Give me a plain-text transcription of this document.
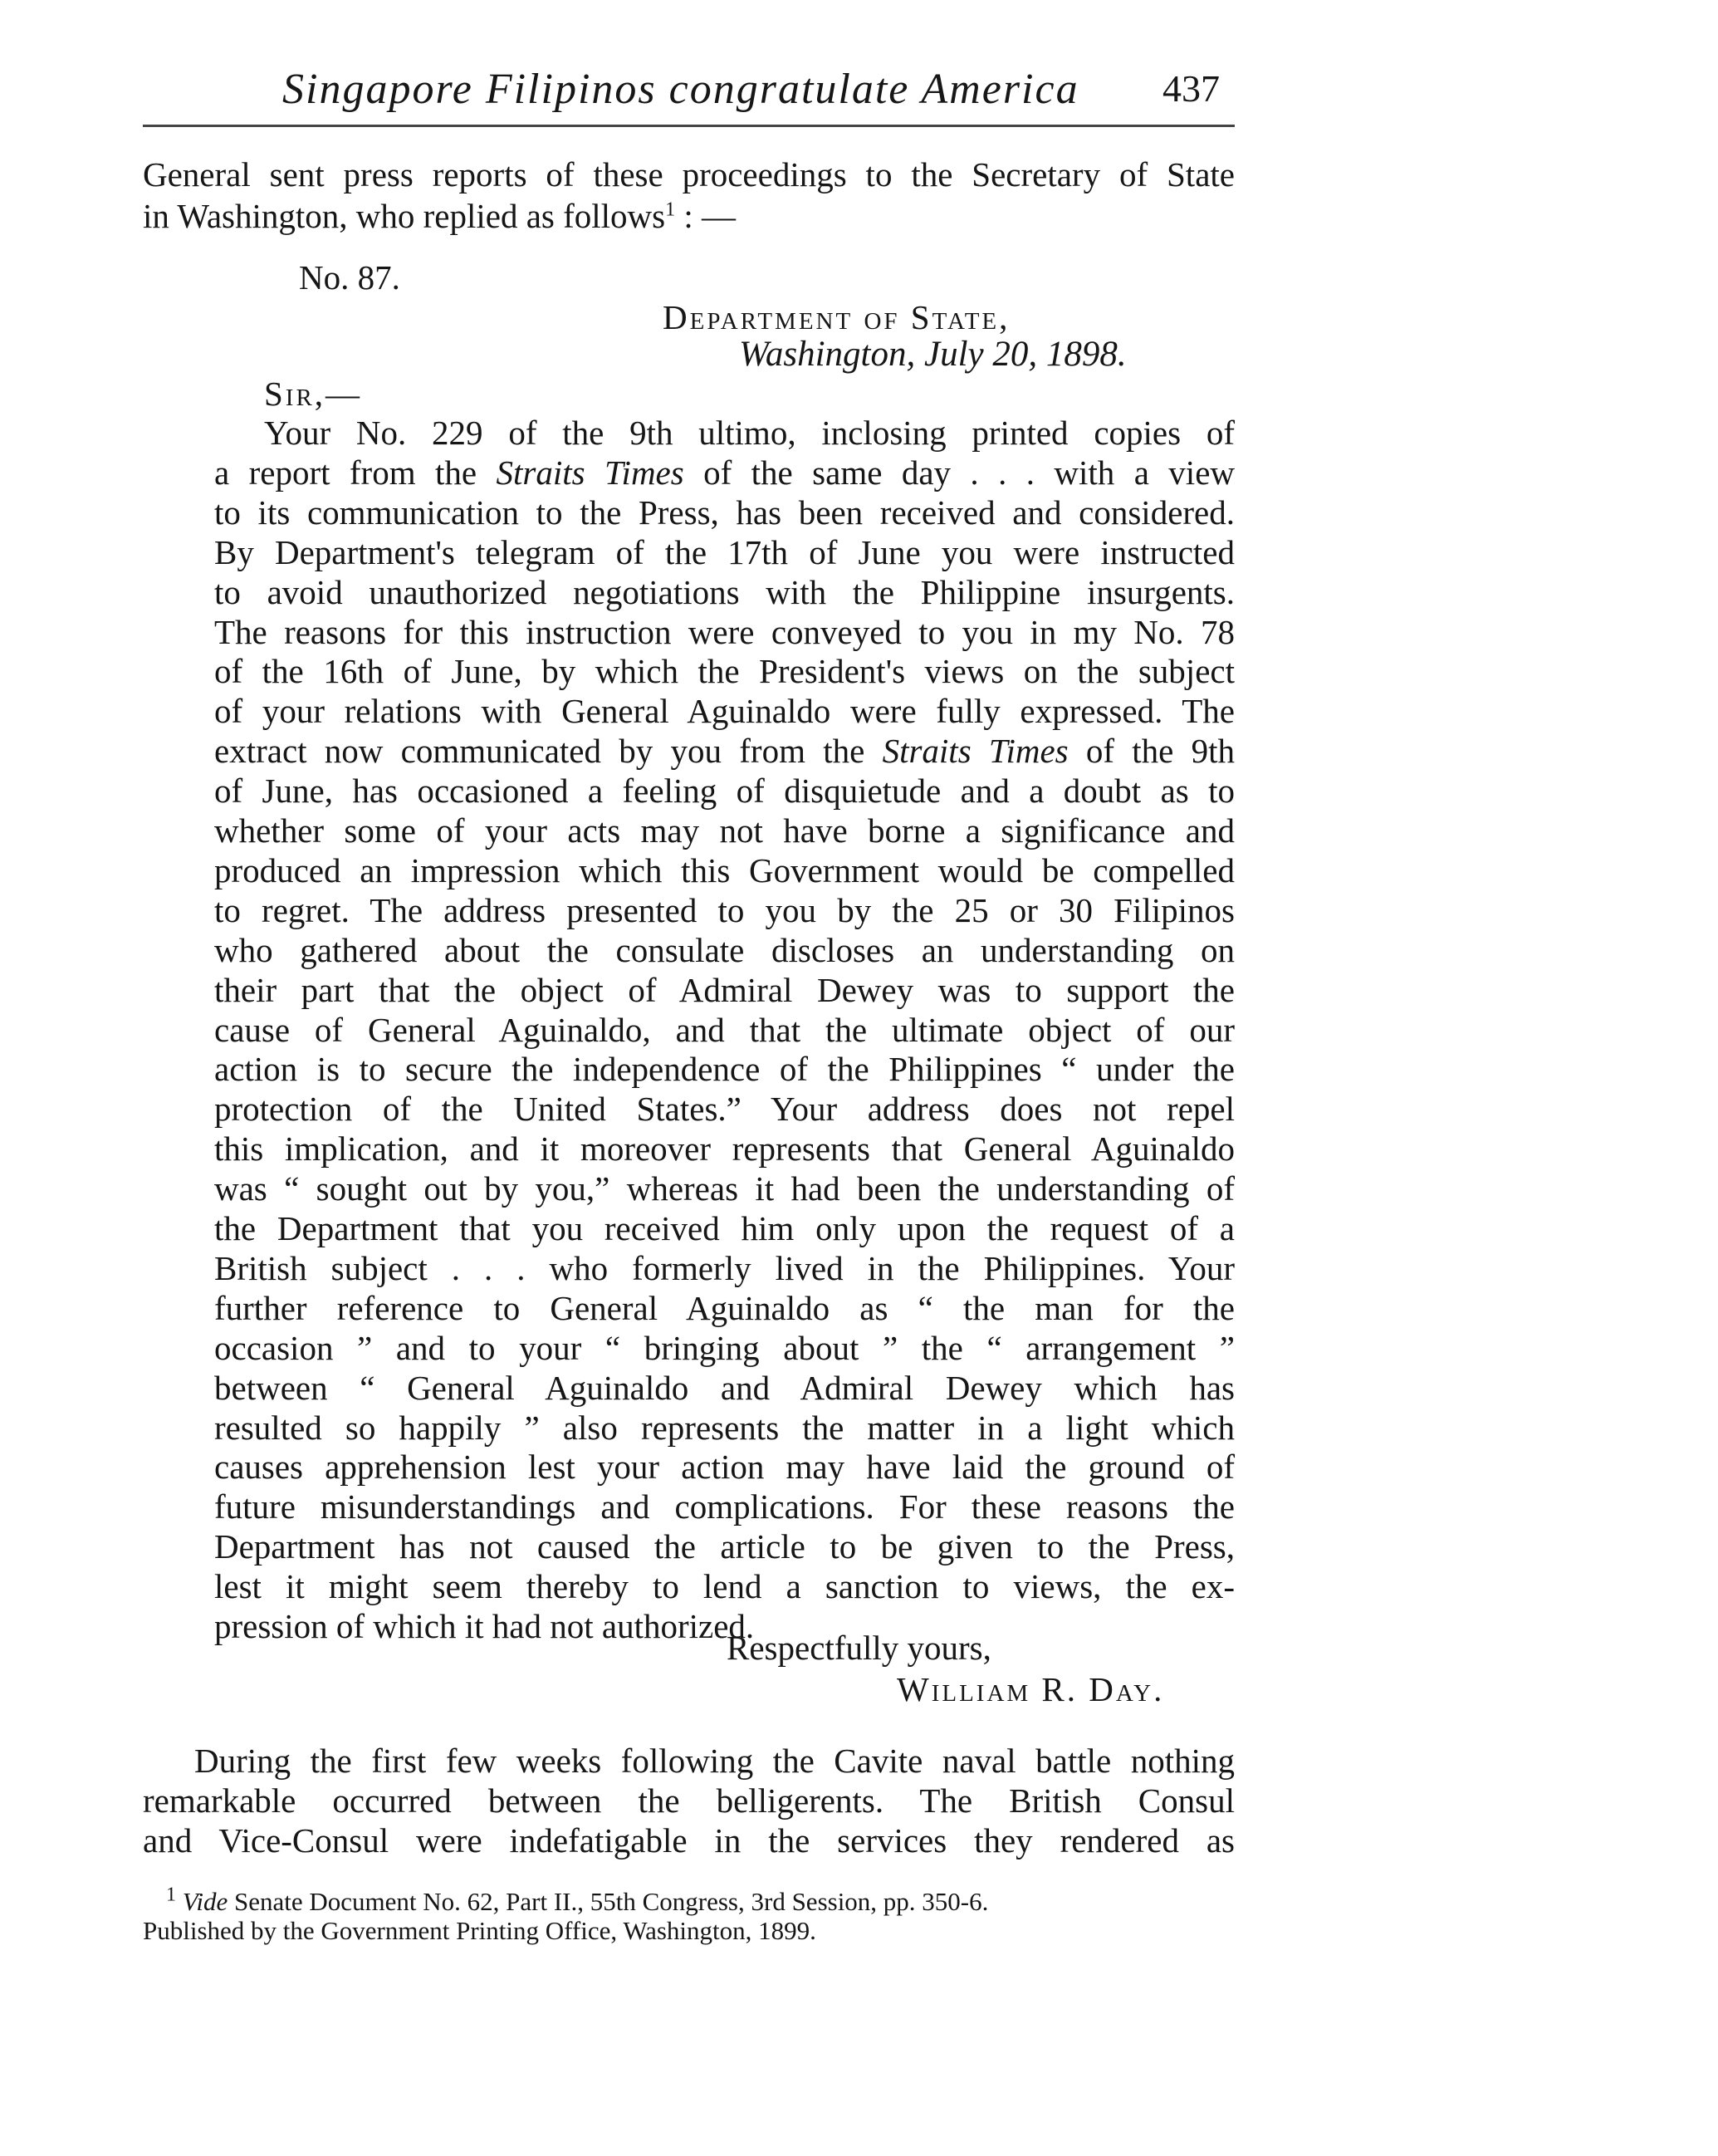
Singapore Filipinos congratulate America	437
General sent press reports of these proceedings to the Secretary of State
in Washington, who replied as follows$^1$ : —
No. 87.
Department of State,
Washington, July 20, 1898.
Sir,—
Your No. 229 of the 9th ultimo, inclosing printed copies of
a report from the Straits Times of the same day . . . with a view
to its communication to the Press, has been received and considered.
By Department's telegram of the 17th of June you were instructed
to avoid unauthorized negotiations with the Philippine insurgents.
The reasons for this instruction were conveyed to you in my No. 78
of the 16th of June, by which the President's views on the subject
of your relations with General Aguinaldo were fully expressed. The
extract now communicated by you from the Straits Times of the 9th
of June, has occasioned a feeling of disquietude and a doubt as to
whether some of your acts may not have borne a significance and
produced an impression which this Government would be compelled
to regret. The address presented to you by the 25 or 30 Filipinos
who gathered about the consulate discloses an understanding on
their part that the object of Admiral Dewey was to support the
cause of General Aguinaldo, and that the ultimate object of our
action is to secure the independence of the Philippines “ under the
protection of the United States.” Your address does not repel
this implication, and it moreover represents that General Aguinaldo
was “ sought out by you,” whereas it had been the understanding of
the Department that you received him only upon the request of a
British subject . . . who formerly lived in the Philippines. Your
further reference to General Aguinaldo as “ the man for the
occasion ” and to your “ bringing about ” the “ arrangement ”
between “ General Aguinaldo and Admiral Dewey which has
resulted so happily ” also represents the matter in a light which
causes apprehension lest your action may have laid the ground of
future misunderstandings and complications. For these reasons the
Department has not caused the article to be given to the Press,
lest it might seem thereby to lend a sanction to views, the ex-
pression of which it had not authorized.
Respectfully yours,
William R. Day.
During the first few weeks following the Cavite naval battle nothing
remarkable occurred between the belligerents. The British Consul
and Vice-Consul were indefatigable in the services they rendered as
$^1$ Vide Senate Document No. 62, Part II., 55th Congress, 3rd Session, pp. 350-6.
Published by the Government Printing Office, Washington, 1899.
